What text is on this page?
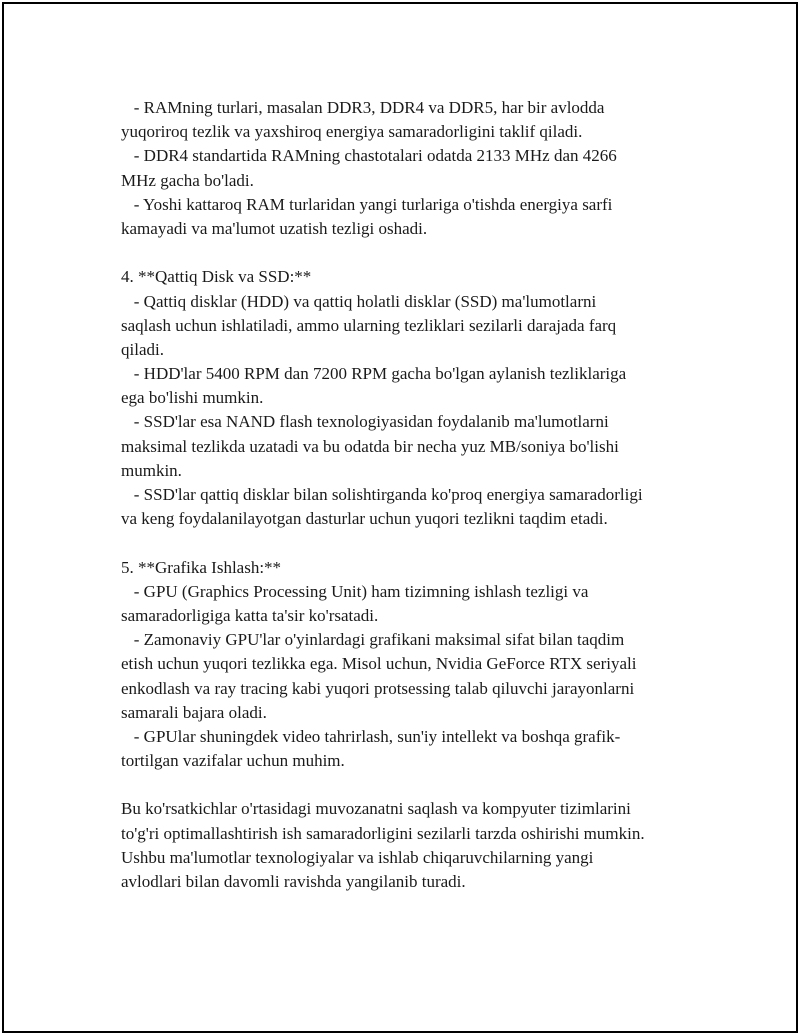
- RAMning turlari, masalan DDR3, DDR4 va DDR5, har bir avlodda
yuqoriroq tezlik va yaxshiroq energiya samaradorligini taklif qiladi.
- DDR4 standartida RAMning chastotalari odatda 2133 MHz dan 4266
MHz gacha bo'ladi.
- Yoshi kattaroq RAM turlaridan yangi turlariga o'tishda energiya sarfi
kamayadi va ma'lumot uzatish tezligi oshadi.
4. **Qattiq Disk va SSD:**
- Qattiq disklar (HDD) va qattiq holatli disklar (SSD) ma'lumotlarni
saqlash uchun ishlatiladi, ammo ularning tezliklari sezilarli darajada farq
qiladi.
- HDD'lar 5400 RPM dan 7200 RPM gacha bo'lgan aylanish tezliklariga
ega bo'lishi mumkin.
- SSD'lar esa NAND flash texnologiyasidan foydalanib ma'lumotlarni
maksimal tezlikda uzatadi va bu odatda bir necha yuz MB/soniya bo'lishi
mumkin.
- SSD'lar qattiq disklar bilan solishtirganda ko'proq energiya samaradorligi
va keng foydalanilayotgan dasturlar uchun yuqori tezlikni taqdim etadi.
5. **Grafika Ishlash:**
- GPU (Graphics Processing Unit) ham tizimning ishlash tezligi va
samaradorligiga katta ta'sir ko'rsatadi.
- Zamonaviy GPU'lar o'yinlardagi grafikani maksimal sifat bilan taqdim
etish uchun yuqori tezlikka ega. Misol uchun, Nvidia GeForce RTX seriyali
enkodlash va ray tracing kabi yuqori protsessing talab qiluvchi jarayonlarni
samarali bajara oladi.
- GPUlar shuningdek video tahrirlash, sun'iy intellekt va boshqa grafik-
tortilgan vazifalar uchun muhim.
Bu ko'rsatkichlar o'rtasidagi muvozanatni saqlash va kompyuter tizimlarini
to'g'ri optimallashtirish ish samaradorligini sezilarli tarzda oshirishi mumkin.
Ushbu ma'lumotlar texnologiyalar va ishlab chiqaruvchilarning yangi
avlodlari bilan davomli ravishda yangilanib turadi.
